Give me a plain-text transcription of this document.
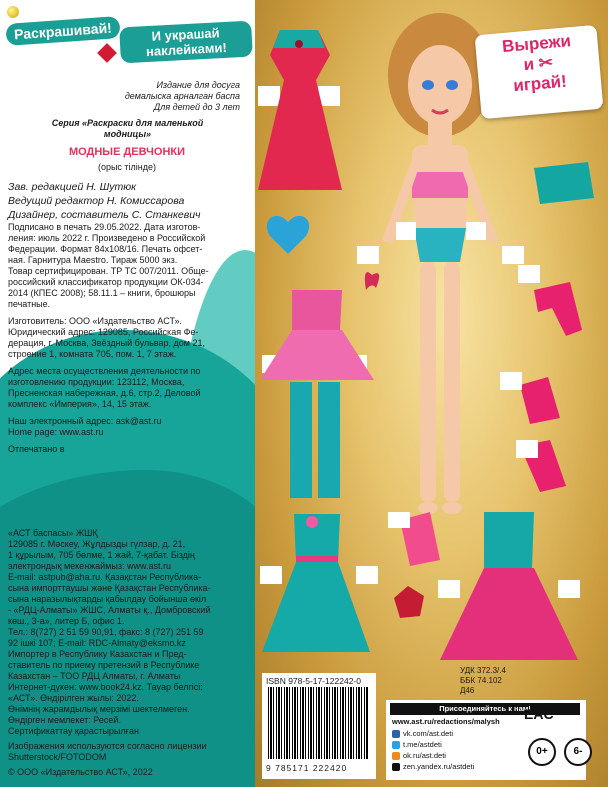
Раскрашивай!	И украшай наклейками!
Издание для досуга
демалыска арналган баспа
Для детей до 3 лет
Серия «Раскраски для маленькой
модницы»
МОДНЫЕ ДЕВЧОНКИ
(орыс тілінде)
Зав. редакцией Н. Шутюк
Ведущий редактор Н. Комиссарова
Дизайнер, составитель С. Станкевич
Подписано в печать 29.05.2022. Дата изготов-
ления: июль 2022 г. Произведено в Российской
Федерации. Формат 84х108/16. Печать офсет-
ная. Гарнитура Maestro. Тираж 5000 экз.
Товар сертифицирован. ТР ТС 007/2011. Обще-
российский классификатор продукции ОК-034-
2014 (КПЕС 2008); 58.11.1 – книги, брошюры
печатные.
Изготовитель: ООО «Издательство АСТ».
Юридический адрес: 129085, Российская Фе-
дерация, г. Москва, Звёздный бульвар, дом 21,
строение 1, комната 705, пом. 1, 7 этаж.
Адрес места осуществления деятельности по
изготовлению продукции: 123112, Москва,
Пресненская набережная, д.6, стр.2, Деловой
комплекс «Империя», 14, 15 этаж.
Наш электронный адрес: ask@ast.ru
Home page: www.ast.ru
Отпечатано в
«АСТ баспасы» ЖШҚ
129085 г. Мәскеу, Жұлдызды гүлзар, д. 21,
1 құрылым, 705 бөлме, 1 жай, 7-қабат. Біздің
электрондық мекенжаймыз: www.ast.ru
E-mail: astpub@aha.ru. Қазақстан Республика-
сына импорттаушы және Қазақстан Республика-
сына наразылықтарды қабылдау бойынша өкіл
- «РДЦ-Алматы» ЖШС, Алматы қ., Домбровский
көш., 3-а», литер Б, офис 1.
Тел.: 8(727) 2 51 59 90,91, факс: 8 (727) 251 59
92 ішкі 107; E-mail: RDC-Almaty@eksmo.kz
Импортер в Республику Казахстан и Пред-
ставитель по приему претензий в Республике
Казахстан – ТОО РДЦ Алматы, г. Алматы
Интернет-дүкен: www.book24.kz. Тауар белгісі:
«АСТ». Өндірілген жылы: 2022.
Өнімнің жарамдылық мерзімі шектелмеген.
Өндірген мемлекет: Ресей.
Сертификаттау қарастырылған
Изображения используются согласно лицензии
Shutterstock/FOTODOM
© ООО «Издательство АСТ», 2022
Вырежи
и ✂
играй!
УДК 372.3/.4
ББК 74.102
Д46
ISBN 978-5-17-122242-0
9 785171 222420
Присоединяйтесь к нам!
www.ast.ru/redactions/malysh
vk.com/ast.deti
t.me/astdeti
ok.ru/ast.deti
zen.yandex.ru/astdeti
EAC
0+	6-
